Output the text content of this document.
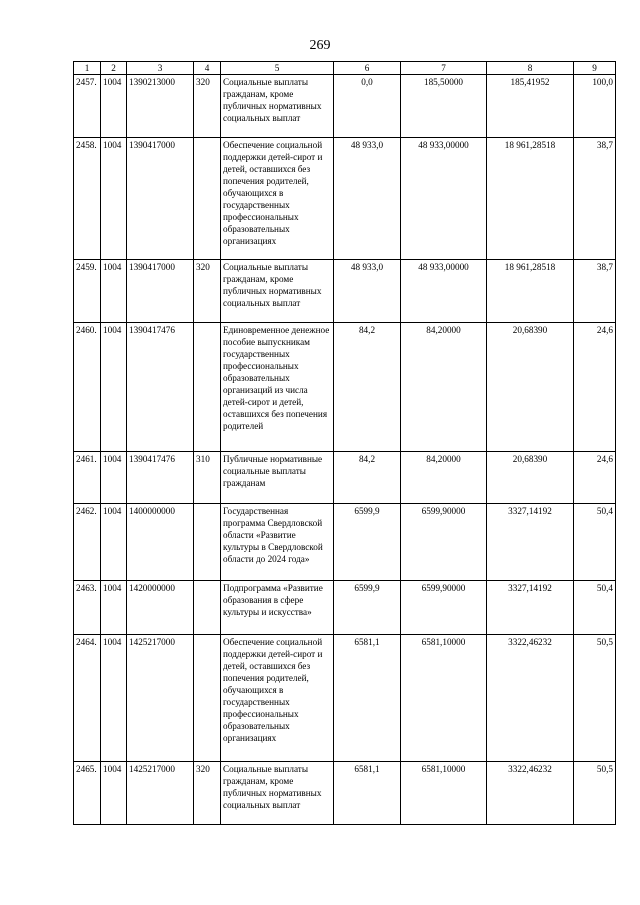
269
1	2	3	4	5	6	7	8	9
2457.	1004	1390213000	320	Социальные выплаты гражданам, кроме публичных нормативных социальных выплат	0,0	185,50000	185,41952	100,0
2458.	1004	1390417000		Обеспечение социальной поддержки детей-сирот и детей, оставшихся без попечения родителей, обучающихся в государственных профессиональных образовательных организациях	48 933,0	48 933,00000	18 961,28518	38,7
2459.	1004	1390417000	320	Социальные выплаты гражданам, кроме публичных нормативных социальных выплат	48 933,0	48 933,00000	18 961,28518	38,7
2460.	1004	1390417476		Единовременное денежное пособие выпускникам государственных профессиональных образовательных организаций из числа детей-сирот и детей, оставшихся без попечения родителей	84,2	84,20000	20,68390	24,6
2461.	1004	1390417476	310	Публичные нормативные социальные выплаты гражданам	84,2	84,20000	20,68390	24,6
2462.	1004	1400000000		Государственная программа Свердловской области «Развитие культуры в Свердловской области до 2024 года»	6599,9	6599,90000	3327,14192	50,4
2463.	1004	1420000000		Подпрограмма «Развитие образования в сфере культуры и искусства»	6599,9	6599,90000	3327,14192	50,4
2464.	1004	1425217000		Обеспечение социальной поддержки детей-сирот и детей, оставшихся без попечения родителей, обучающихся в государственных профессиональных образовательных организациях	6581,1	6581,10000	3322,46232	50,5
2465.	1004	1425217000	320	Социальные выплаты гражданам, кроме публичных нормативных социальных выплат	6581,1	6581,10000	3322,46232	50,5
